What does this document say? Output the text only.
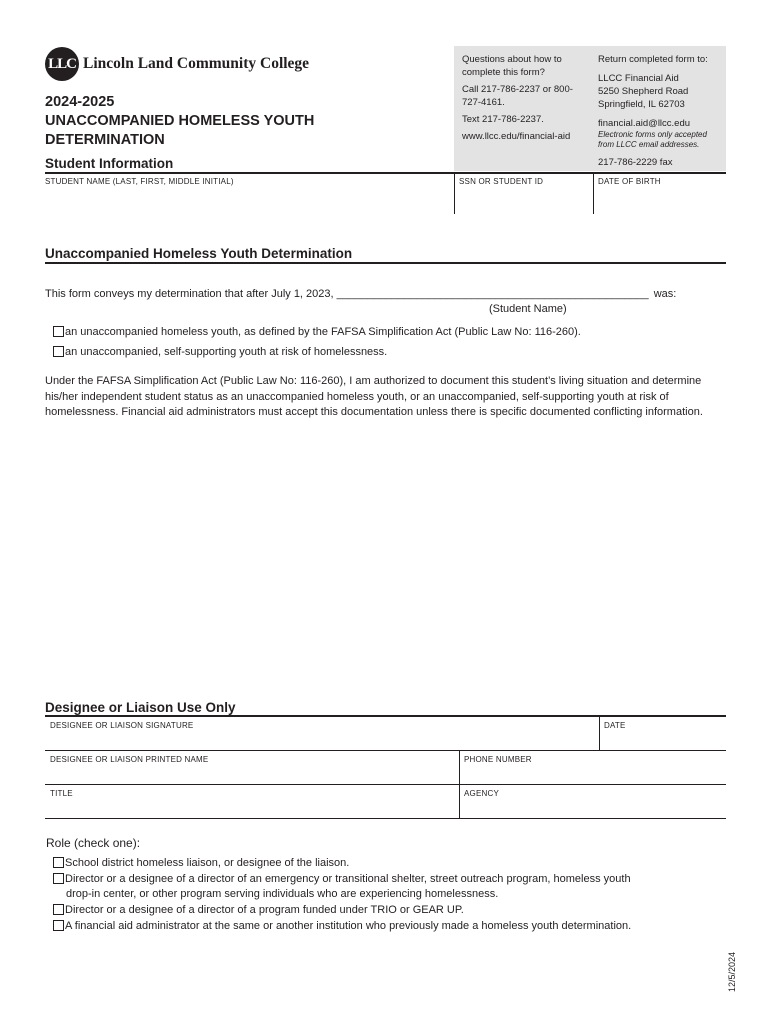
LLC Lincoln Land Community College
2024-2025
UNACCOMPANIED HOMELESS YOUTH
DETERMINATION

Questions about how to complete this form?

Call 217-786-2237 or 800-727-4161.

Text 217-786-2237.

www.llcc.edu/financial-aid

Return completed form to:

LLCC Financial Aid
5250 Shepherd Road

Springfield, IL 62703

financial.aid@llcc.edu

Electronic forms only accepted from LLCC email addresses.

217-786-2229 fax
Student Information
STUDENT NAME (LAST, FIRST, MIDDLE INITIAL)	SSN OR STUDENT ID	DATE OF BIRTH
Unaccompanied Homeless Youth Determination
This form conveys my determination that after July 1, 2023, ___________________________________________________ was:
(Student Name)
an unaccompanied homeless youth, as defined by the FAFSA Simplification Act (Public Law No: 116-260).
an unaccompanied, self-supporting youth at risk of homelessness.
Under the FAFSA Simplification Act (Public Law No: 116-260), I am authorized to document this student’s living situation and determine his/her independent student status as an unaccompanied homeless youth, or an unaccompanied, self-supporting youth at risk of homelessness. Financial aid administrators must accept this documentation unless there is specific documented conflicting information.
Designee or Liaison Use Only
DESIGNEE OR LIAISON SIGNATURE	DATE
DESIGNEE OR LIAISON PRINTED NAME	PHONE NUMBER
TITLE	AGENCY
Role (check one):
School district homeless liaison, or designee of the liaison.
Director or a designee of a director of an emergency or transitional shelter, street outreach program, homeless youth
drop-in center, or other program serving individuals who are experiencing homelessness.
Director or a designee of a director of a program funded under TRIO or GEAR UP.
A financial aid administrator at the same or another institution who previously made a homeless youth determination.
12/5/2024
